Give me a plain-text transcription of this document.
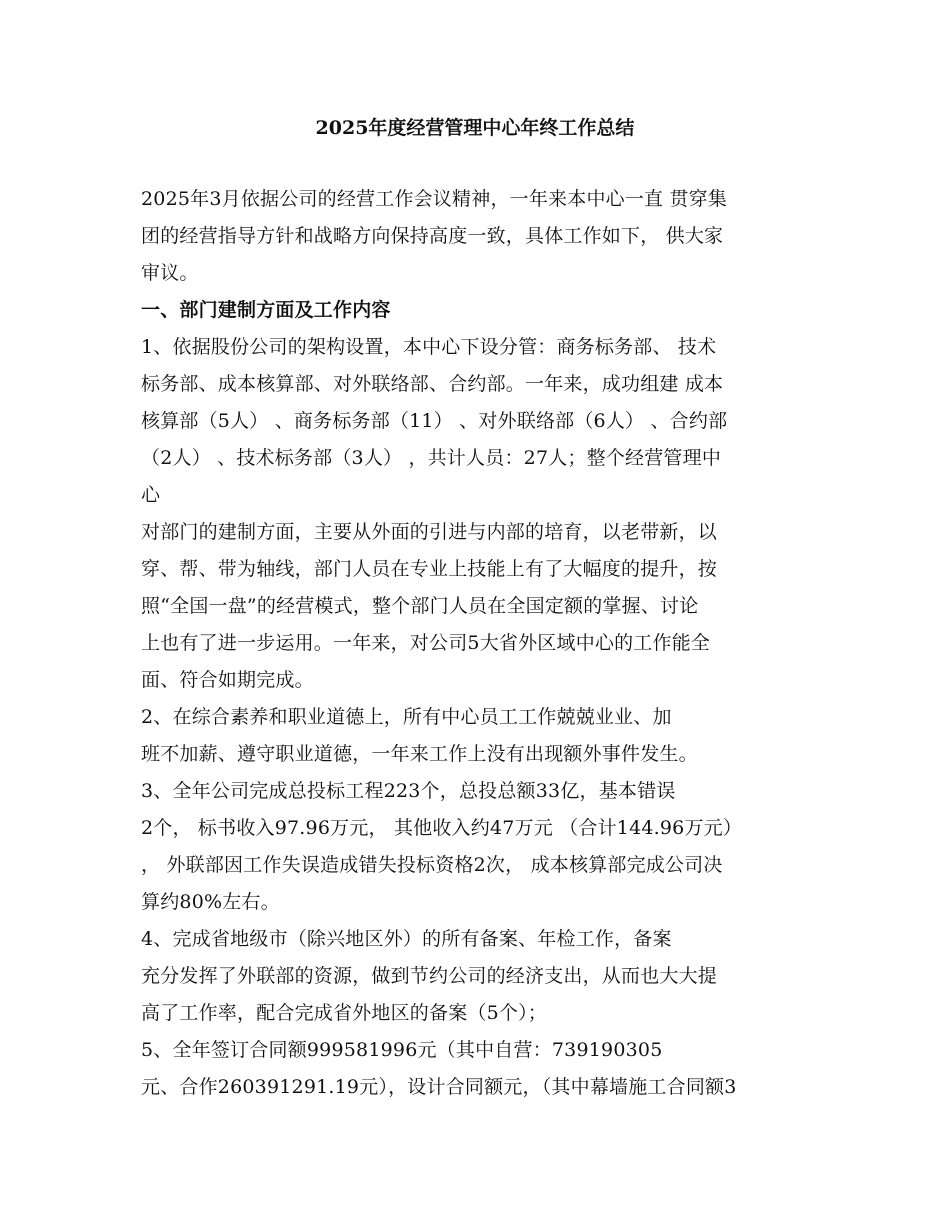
2025年度经营管理中心年终工作总结
2025年3月依据公司的经营工作会议精神，一年来本中心一直 贯穿集
团的经营指导方针和战略方向保持高度一致，具体工作如下， 供大家
审议。
一、部门建制方面及工作内容
1、依据股份公司的架构设置，本中心下设分管：商务标务部、 技术
标务部、成本核算部、对外联络部、合约部。一年来，成功组建 成本
核算部（5人） 、商务标务部（11） 、对外联络部（6人） 、合约部
（2人） 、技术标务部（3人） ，共计人员：27人；整个经营管理中
心
对部门的建制方面，主要从外面的引进与内部的培育，以老带新，以
穿、帮、带为轴线，部门人员在专业上技能上有了大幅度的提升，按
照“全国一盘”的经营模式，整个部门人员在全国定额的掌握、讨论
上也有了进一步运用。一年来，对公司5大省外区域中心的工作能全
面、符合如期完成。
2、在综合素养和职业道德上，所有中心员工工作兢兢业业、加
班不加薪、遵守职业道德，一年来工作上没有出现额外事件发生。
3、全年公司完成总投标工程223个，总投总额33亿，基本错误
2个， 标书收入97.96万元， 其他收入约47万元 （合计144.96万元）
， 外联部因工作失误造成错失投标资格2次， 成本核算部完成公司决
算约80%左右。
4、完成省地级市（除兴地区外）的所有备案、年检工作，备案
充分发挥了外联部的资源，做到节约公司的经济支出，从而也大大提
高了工作率，配合完成省外地区的备案（5个）；
5、全年签订合同额999581996元（其中自营：739190305
元、合作260391291.19元），设计合同额元，（其中幕墙施工合同额3
